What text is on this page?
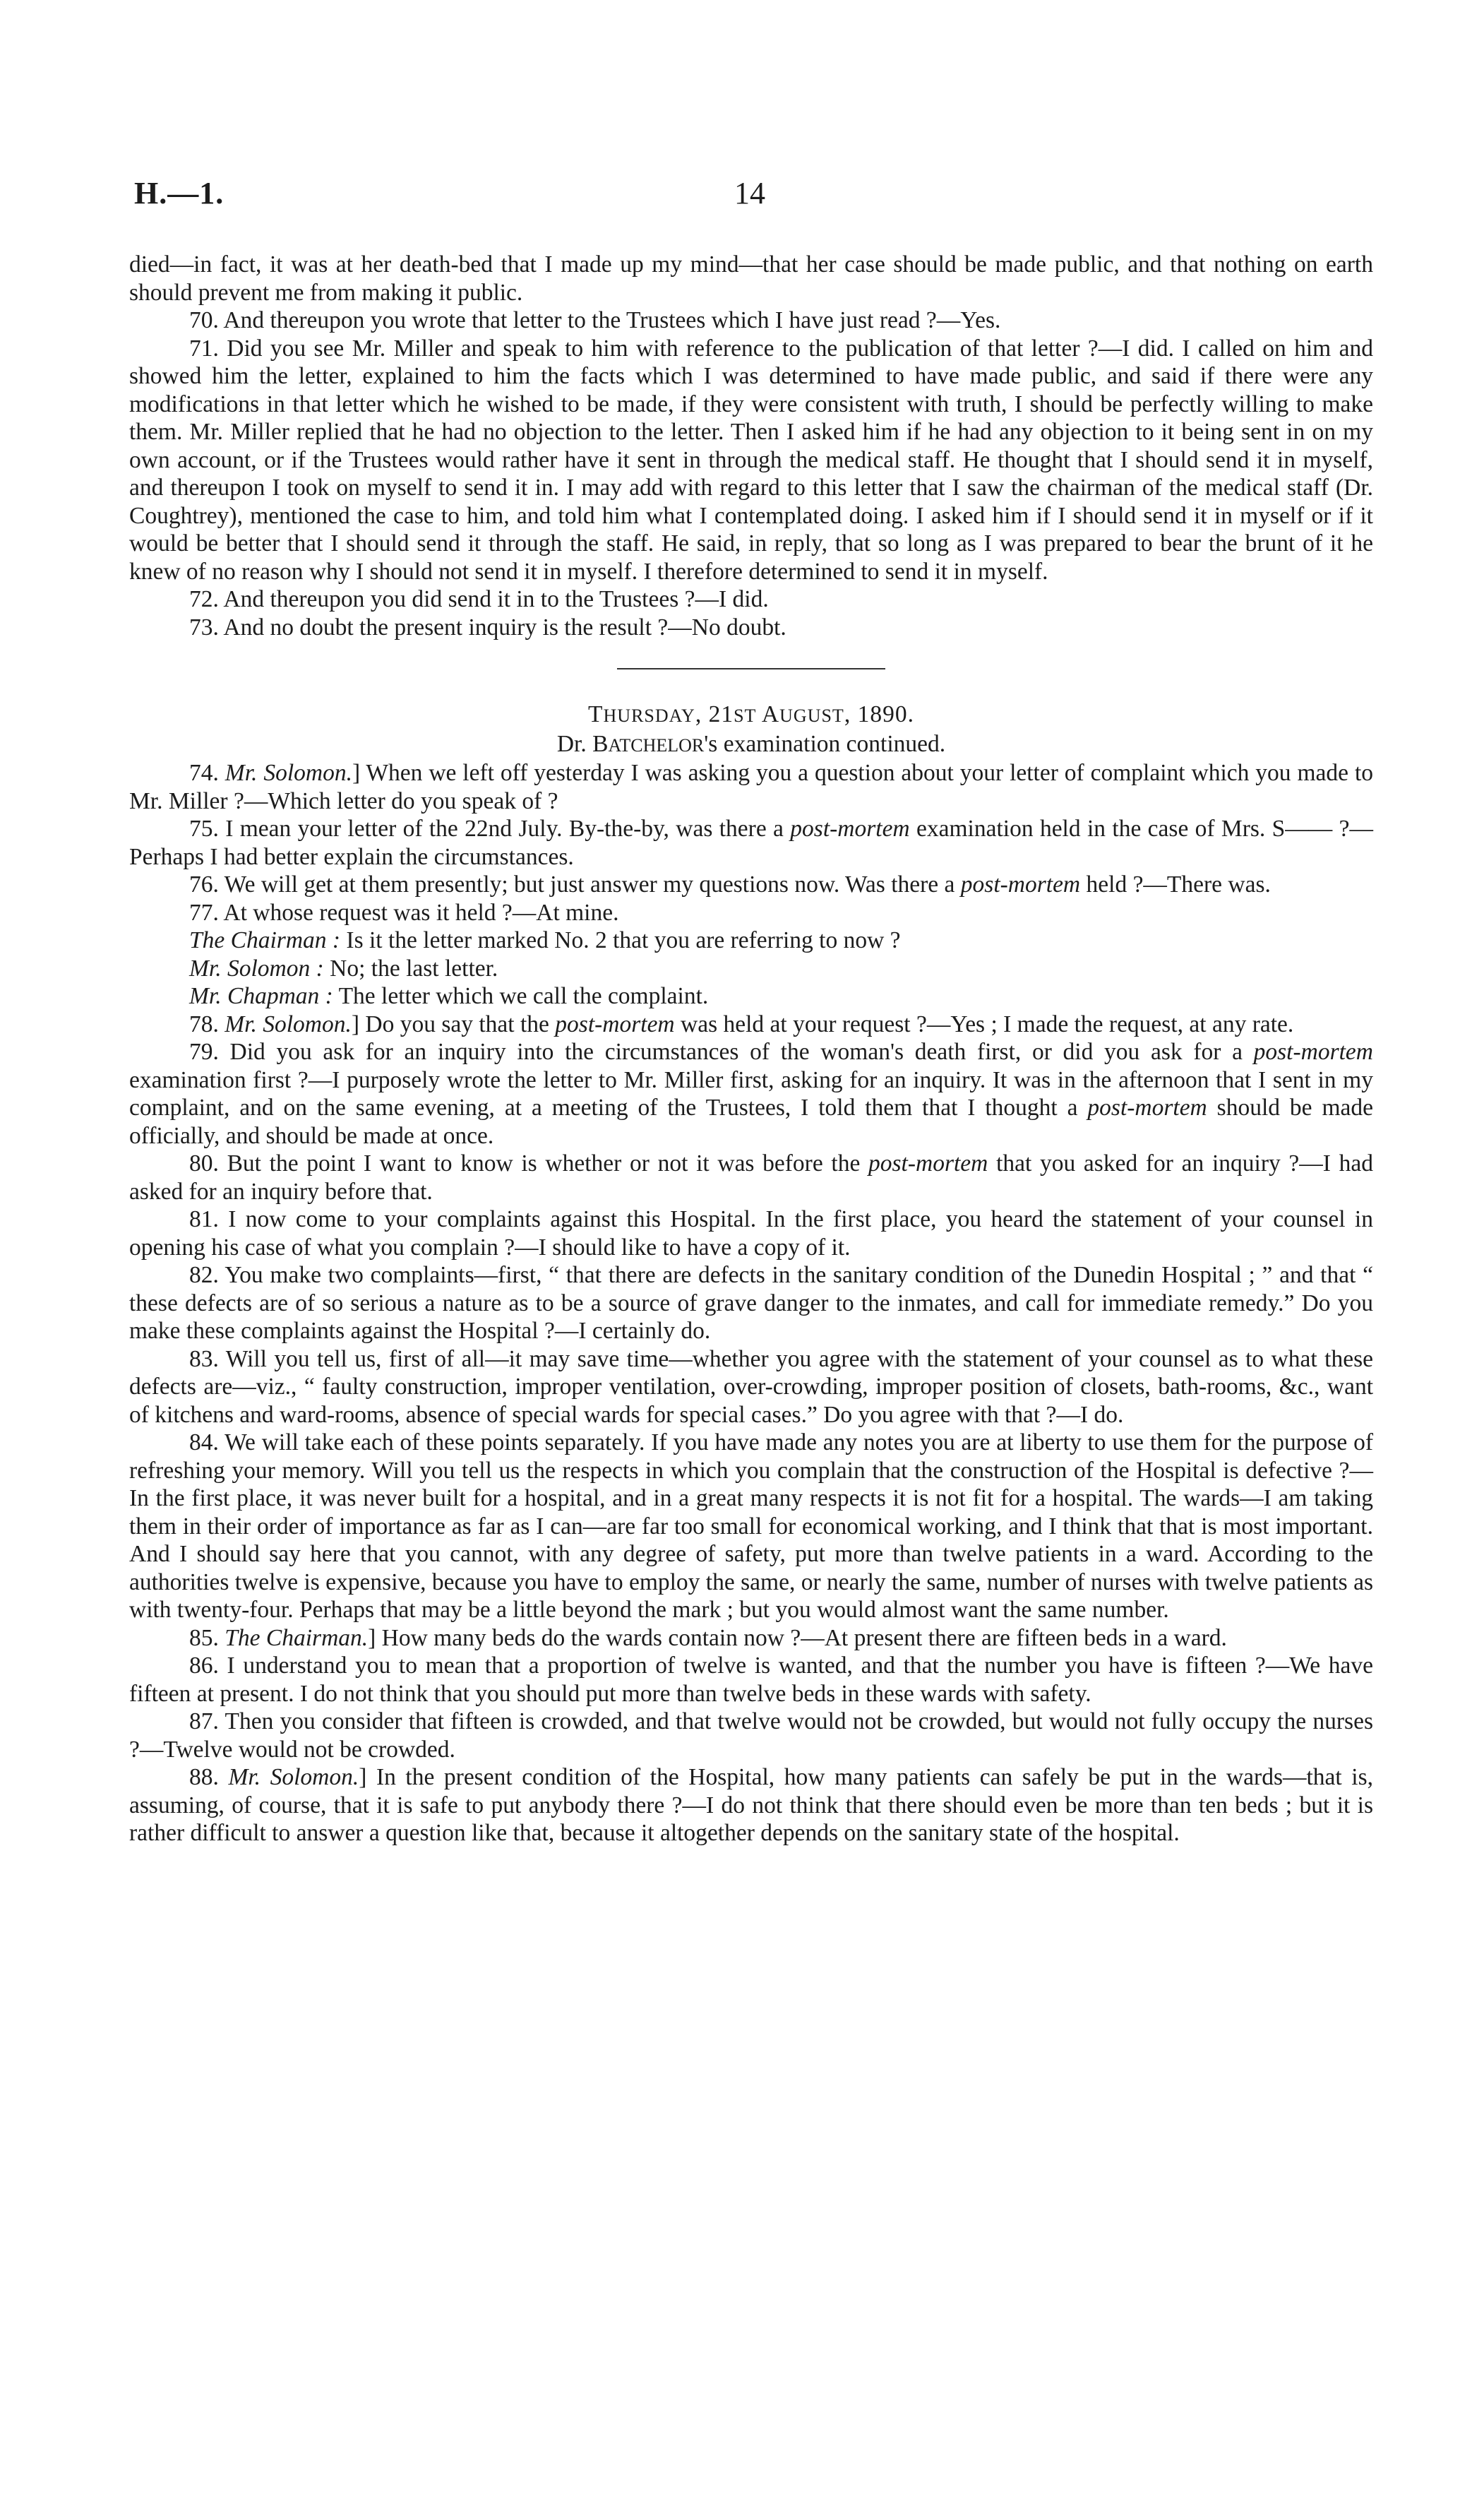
H.—1.	14

died—in fact, it was at her death-bed that I made up my mind—that her case should be made public, and that nothing on earth should prevent me from making it public.

70. And thereupon you wrote that letter to the Trustees which I have just read ?—Yes.

71. Did you see Mr. Miller and speak to him with reference to the publication of that letter ?—I did. I called on him and showed him the letter, explained to him the facts which I was determined to have made public, and said if there were any modifications in that letter which he wished to be made, if they were consistent with truth, I should be perfectly willing to make them. Mr. Miller replied that he had no objection to the letter. Then I asked him if he had any objection to it being sent in on my own account, or if the Trustees would rather have it sent in through the medical staff. He thought that I should send it in myself, and thereupon I took on myself to send it in. I may add with regard to this letter that I saw the chairman of the medical staff (Dr. Coughtrey), mentioned the case to him, and told him what I contemplated doing. I asked him if I should send it in myself or if it would be better that I should send it through the staff. He said, in reply, that so long as I was prepared to bear the brunt of it he knew of no reason why I should not send it in myself. I therefore determined to send it in myself.

72. And thereupon you did send it in to the Trustees ?—I did.

73. And no doubt the present inquiry is the result ?—No doubt.

THURSDAY, 21ST AUGUST, 1890.

Dr. BATCHELOR's examination continued.

74. Mr. Solomon.] When we left off yesterday I was asking you a question about your letter of complaint which you made to Mr. Miller ?—Which letter do you speak of ?

75. I mean your letter of the 22nd July. By-the-by, was there a post-mortem examination held in the case of Mrs. S—— ?—Perhaps I had better explain the circumstances.

76. We will get at them presently; but just answer my questions now. Was there a post-mortem held ?—There was.

77. At whose request was it held ?—At mine.

The Chairman : Is it the letter marked No. 2 that you are referring to now ?

Mr. Solomon : No; the last letter.

Mr. Chapman : The letter which we call the complaint.

78. Mr. Solomon.] Do you say that the post-mortem was held at your request ?—Yes ; I made the request, at any rate.

79. Did you ask for an inquiry into the circumstances of the woman's death first, or did you ask for a post-mortem examination first ?—I purposely wrote the letter to Mr. Miller first, asking for an inquiry. It was in the afternoon that I sent in my complaint, and on the same evening, at a meeting of the Trustees, I told them that I thought a post-mortem should be made officially, and should be made at once.

80. But the point I want to know is whether or not it was before the post-mortem that you asked for an inquiry ?—I had asked for an inquiry before that.

81. I now come to your complaints against this Hospital. In the first place, you heard the statement of your counsel in opening his case of what you complain ?—I should like to have a copy of it.

82. You make two complaints—first, “ that there are defects in the sanitary condition of the Dunedin Hospital ; ” and that “ these defects are of so serious a nature as to be a source of grave danger to the inmates, and call for immediate remedy.” Do you make these complaints against the Hospital ?—I certainly do.

83. Will you tell us, first of all—it may save time—whether you agree with the statement of your counsel as to what these defects are—viz., “ faulty construction, improper ventilation, over-crowding, improper position of closets, bath-rooms, &c., want of kitchens and ward-rooms, absence of special wards for special cases.” Do you agree with that ?—I do.

84. We will take each of these points separately. If you have made any notes you are at liberty to use them for the purpose of refreshing your memory. Will you tell us the respects in which you complain that the construction of the Hospital is defective ?—In the first place, it was never built for a hospital, and in a great many respects it is not fit for a hospital. The wards—I am taking them in their order of importance as far as I can—are far too small for economical working, and I think that that is most important. And I should say here that you cannot, with any degree of safety, put more than twelve patients in a ward. According to the authorities twelve is expensive, because you have to employ the same, or nearly the same, number of nurses with twelve patients as with twenty-four. Perhaps that may be a little beyond the mark ; but you would almost want the same number.

85. The Chairman.] How many beds do the wards contain now ?—At present there are fifteen beds in a ward.

86. I understand you to mean that a proportion of twelve is wanted, and that the number you have is fifteen ?—We have fifteen at present. I do not think that you should put more than twelve beds in these wards with safety.

87. Then you consider that fifteen is crowded, and that twelve would not be crowded, but would not fully occupy the nurses ?—Twelve would not be crowded.

88. Mr. Solomon.] In the present condition of the Hospital, how many patients can safely be put in the wards—that is, assuming, of course, that it is safe to put anybody there ?—I do not think that there should even be more than ten beds ; but it is rather difficult to answer a question like that, because it altogether depends on the sanitary state of the hospital.
